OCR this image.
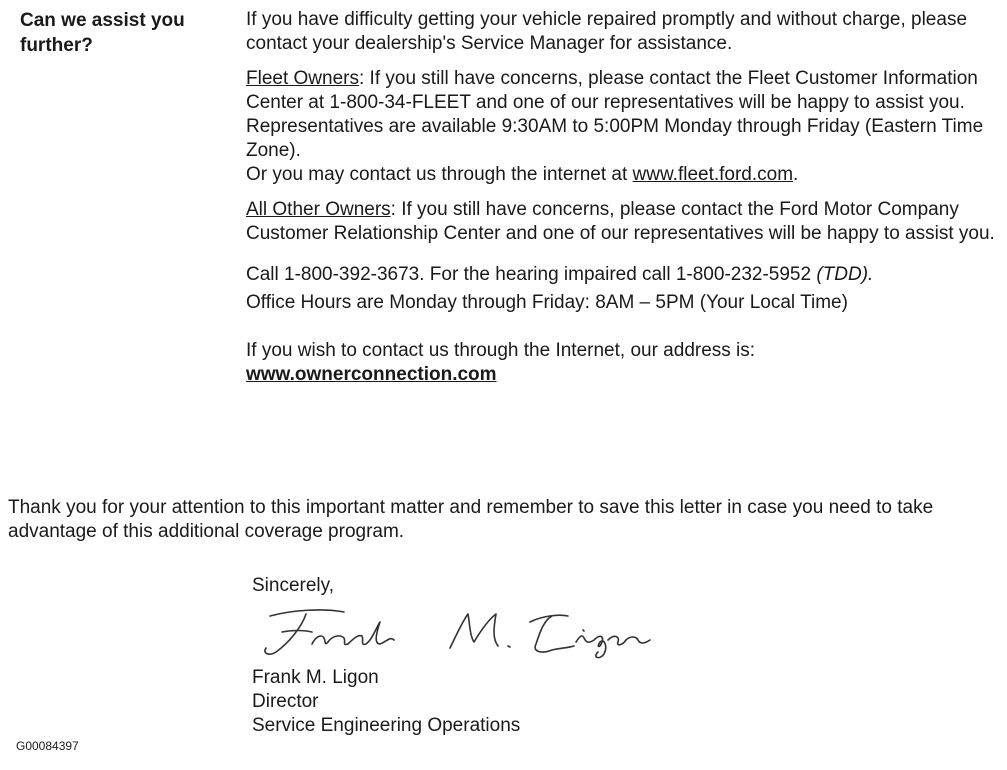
Can we assist you further?

If you have difficulty getting your vehicle repaired promptly and without charge, please contact your dealership's Service Manager for assistance.

Fleet Owners: If you still have concerns, please contact the Fleet Customer Information Center at 1-800-34-FLEET and one of our representatives will be happy to assist you. Representatives are available 9:30AM to 5:00PM Monday through Friday (Eastern Time Zone).

Or you may contact us through the internet at www.fleet.ford.com.

All Other Owners: If you still have concerns, please contact the Ford Motor Company Customer Relationship Center and one of our representatives will be happy to assist you.

Call 1-800-392-3673. For the hearing impaired call 1-800-232-5952 (TDD).

Office Hours are Monday through Friday: 8AM – 5PM (Your Local Time)

If you wish to contact us through the Internet, our address is:

www.ownerconnection.com

Thank you for your attention to this important matter and remember to save this letter in case you need to take advantage of this additional coverage program.

Sincerely,
Frank M. Ligon
Director
Service Engineering Operations
G00084397
